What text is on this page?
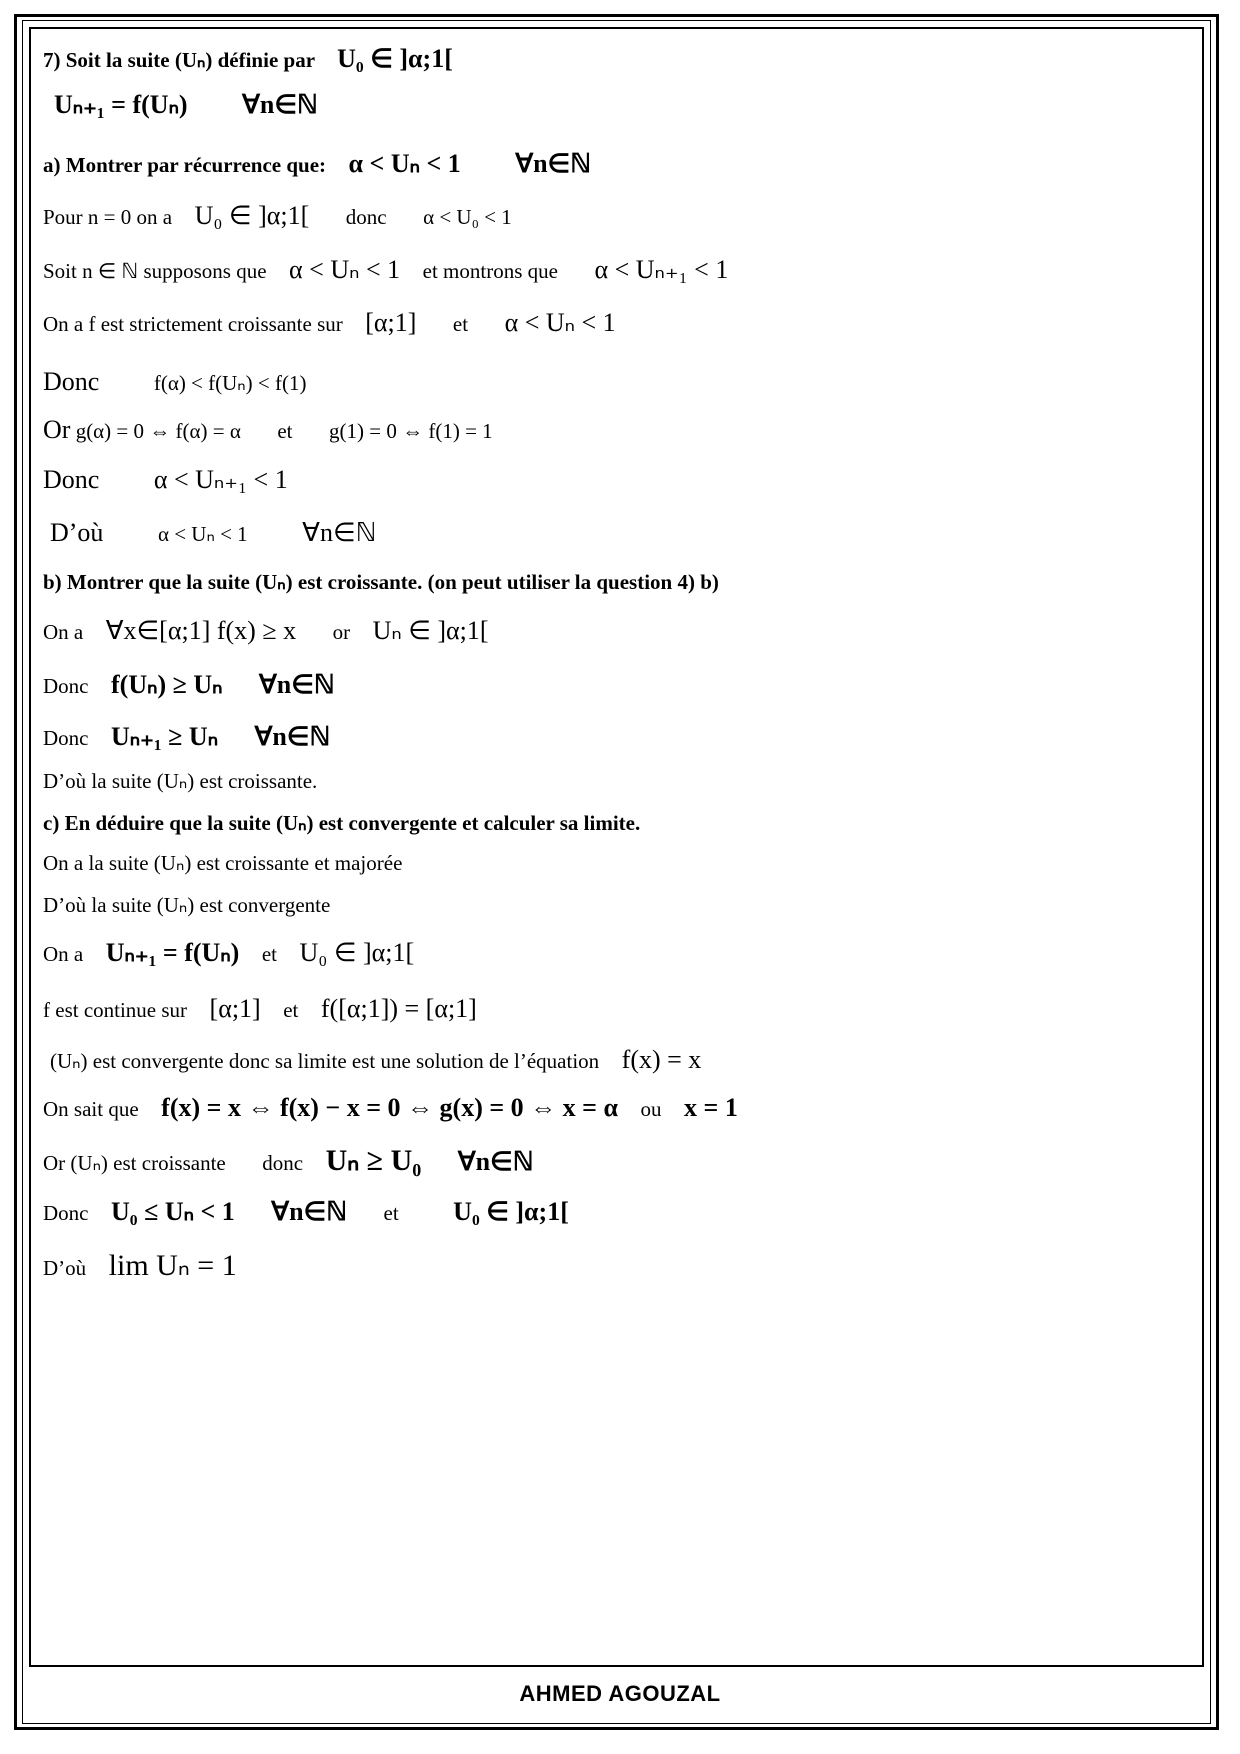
7) Soit la suite (Uₙ) définie par U₀ ∈ ]α;1[
Uₙ₊₁ = f(Uₙ) ∀n∈ℕ
a) Montrer par récurrence que: α < Uₙ < 1 ∀n∈ℕ
Pour n = 0 on a U₀ ∈ ]α;1[ donc α < U₀ < 1
Soit n ∈ ℕ supposons que α < Uₙ < 1 et montrons que α < Uₙ₊₁ < 1
On a f est strictement croissante sur [α;1] et α < Uₙ < 1
Donc	f(α) < f(Uₙ) < f(1)
Or g(α) = 0 ⇔ f(α) = α et g(1) = 0 ⇔ f(1) = 1
Donc α < Uₙ₊₁ < 1
D’où	α < Uₙ < 1 ∀n∈ℕ
b) Montrer que la suite (Uₙ) est croissante. (on peut utiliser la question 4) b)
On a ∀x∈[α;1] f(x) ≥ x or Uₙ ∈ ]α;1[
Donc f(Uₙ) ≥ Uₙ ∀n∈ℕ
Donc Uₙ₊₁ ≥ Uₙ ∀n∈ℕ
D’où la suite (Uₙ) est croissante.
c) En déduire que la suite (Uₙ) est convergente et calculer sa limite.
On a la suite (Uₙ) est croissante et majorée
D’où la suite (Uₙ) est convergente
On a Uₙ₊₁ = f(Uₙ) et U₀ ∈ ]α;1[
f est continue sur [α;1] et f([α;1]) = [α;1]
(Uₙ) est convergente donc sa limite est une solution de l’équation f(x) = x
On sait que f(x) = x ⇔ f(x) − x = 0 ⇔ g(x) = 0 ⇔ x = α ou x = 1
Or (Uₙ) est croissante donc Uₙ ≥ U₀ ∀n∈ℕ
Donc U₀ ≤ Uₙ < 1 ∀n∈ℕ et U₀ ∈ ]α;1[
D’où lim Uₙ = 1
AHMED AGOUZAL
